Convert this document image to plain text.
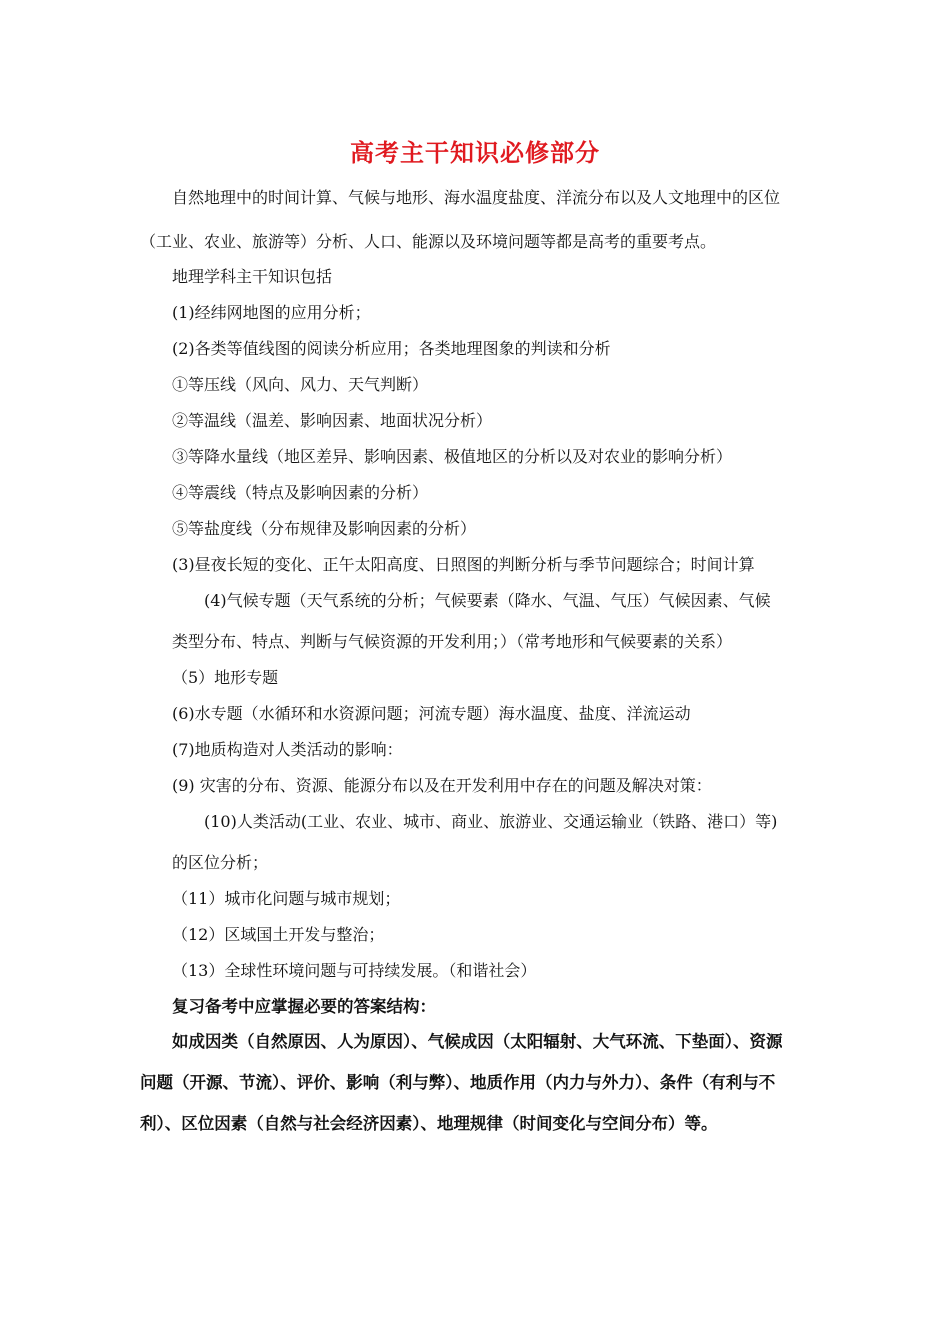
高考主干知识必修部分
自然地理中的时间计算、气候与地形、海水温度盐度、洋流分布以及人文地理中的区位
（工业、农业、旅游等）分析、人口、能源以及环境问题等都是高考的重要考点。
地理学科主干知识包括
(1)经纬网地图的应用分析；
(2)各类等值线图的阅读分析应用；各类地理图象的判读和分析
①等压线（风向、风力、天气判断）
②等温线（温差、影响因素、地面状况分析）
③等降水量线（地区差异、影响因素、极值地区的分析以及对农业的影响分析）
④等震线（特点及影响因素的分析）
⑤等盐度线（分布规律及影响因素的分析）
(3)昼夜长短的变化、正午太阳高度、日照图的判断分析与季节问题综合；时间计算
(4)气候专题（天气系统的分析；气候要素（降水、气温、气压）气候因素、气候
类型分布、特点、判断与气候资源的开发利用；）（常考地形和气候要素的关系）
（5）地形专题
(6)水专题（水循环和水资源问题；河流专题）海水温度、盐度、洋流运动
(7)地质构造对人类活动的影响：
(9) 灾害的分布、资源、能源分布以及在开发利用中存在的问题及解决对策：
(10)人类活动(工业、农业、城市、商业、旅游业、交通运输业（铁路、港口）等)
的区位分析；
（11）城市化问题与城市规划；
（12）区域国土开发与整治；
（13）全球性环境问题与可持续发展。（和谐社会）
复习备考中应掌握必要的答案结构：
如成因类（自然原因、人为原因）、气候成因（太阳辐射、大气环流、下垫面）、资源
问题（开源、节流）、评价、影响（利与弊）、地质作用（内力与外力）、条件（有利与不
利）、区位因素（自然与社会经济因素）、地理规律（时间变化与空间分布）等。
